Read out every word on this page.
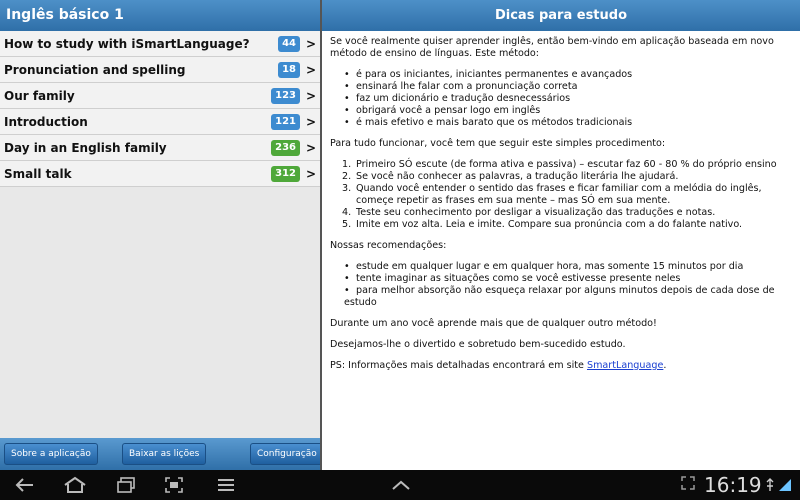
Inglês básico 1
How to study with iSmartLanguage?	44 >
Pronunciation and spelling	18 >
Our family	123 >
Introduction	121 >
Day in an English family	236 >
Small talk	312 >
Sobre a aplicação	Baixar as lições	Configuração
Dicas para estudo

Se você realmente quiser aprender inglês, então bem-vindo em aplicação baseada em novo método de ensino de línguas. Este método:

• é para os iniciantes, iniciantes permanentes e avançados
• ensinará lhe falar com a pronunciação correta
• faz um dicionário e tradução desnecessários
• obrigará você a pensar logo em inglês
• é mais efetivo e mais barato que os métodos tradicionais

Para tudo funcionar, você tem que seguir este simples procedimento:

1. Primeiro SÓ escute (de forma ativa e passiva) – escutar faz 60 - 80 % do próprio ensino
2. Se você não conhecer as palavras, a tradução literária lhe ajudará.
3. Quando você entender o sentido das frases e ficar familiar com a melódia do inglês, começe repetir as frases em sua mente – mas SÓ em sua mente.
4. Teste seu conhecimento por desligar a visualização das traduções e notas.
5. Imite em voz alta. Leia e imite. Compare sua pronúncia com a do falante nativo.

Nossas recomendações:

• estude em qualquer lugar e em qualquer hora, mas somente 15 minutos por dia
• tente imaginar as situações como se você estivesse presente neles
• para melhor absorção não esqueça relaxar por alguns minutos depois de cada dose de estudo

Durante um ano você aprende mais que de qualquer outro método!

Desejamos-lhe o divertido e sobretudo bem-sucedido estudo.

PS: Informações mais detalhadas encontrará em site SmartLanguage.

16:19
